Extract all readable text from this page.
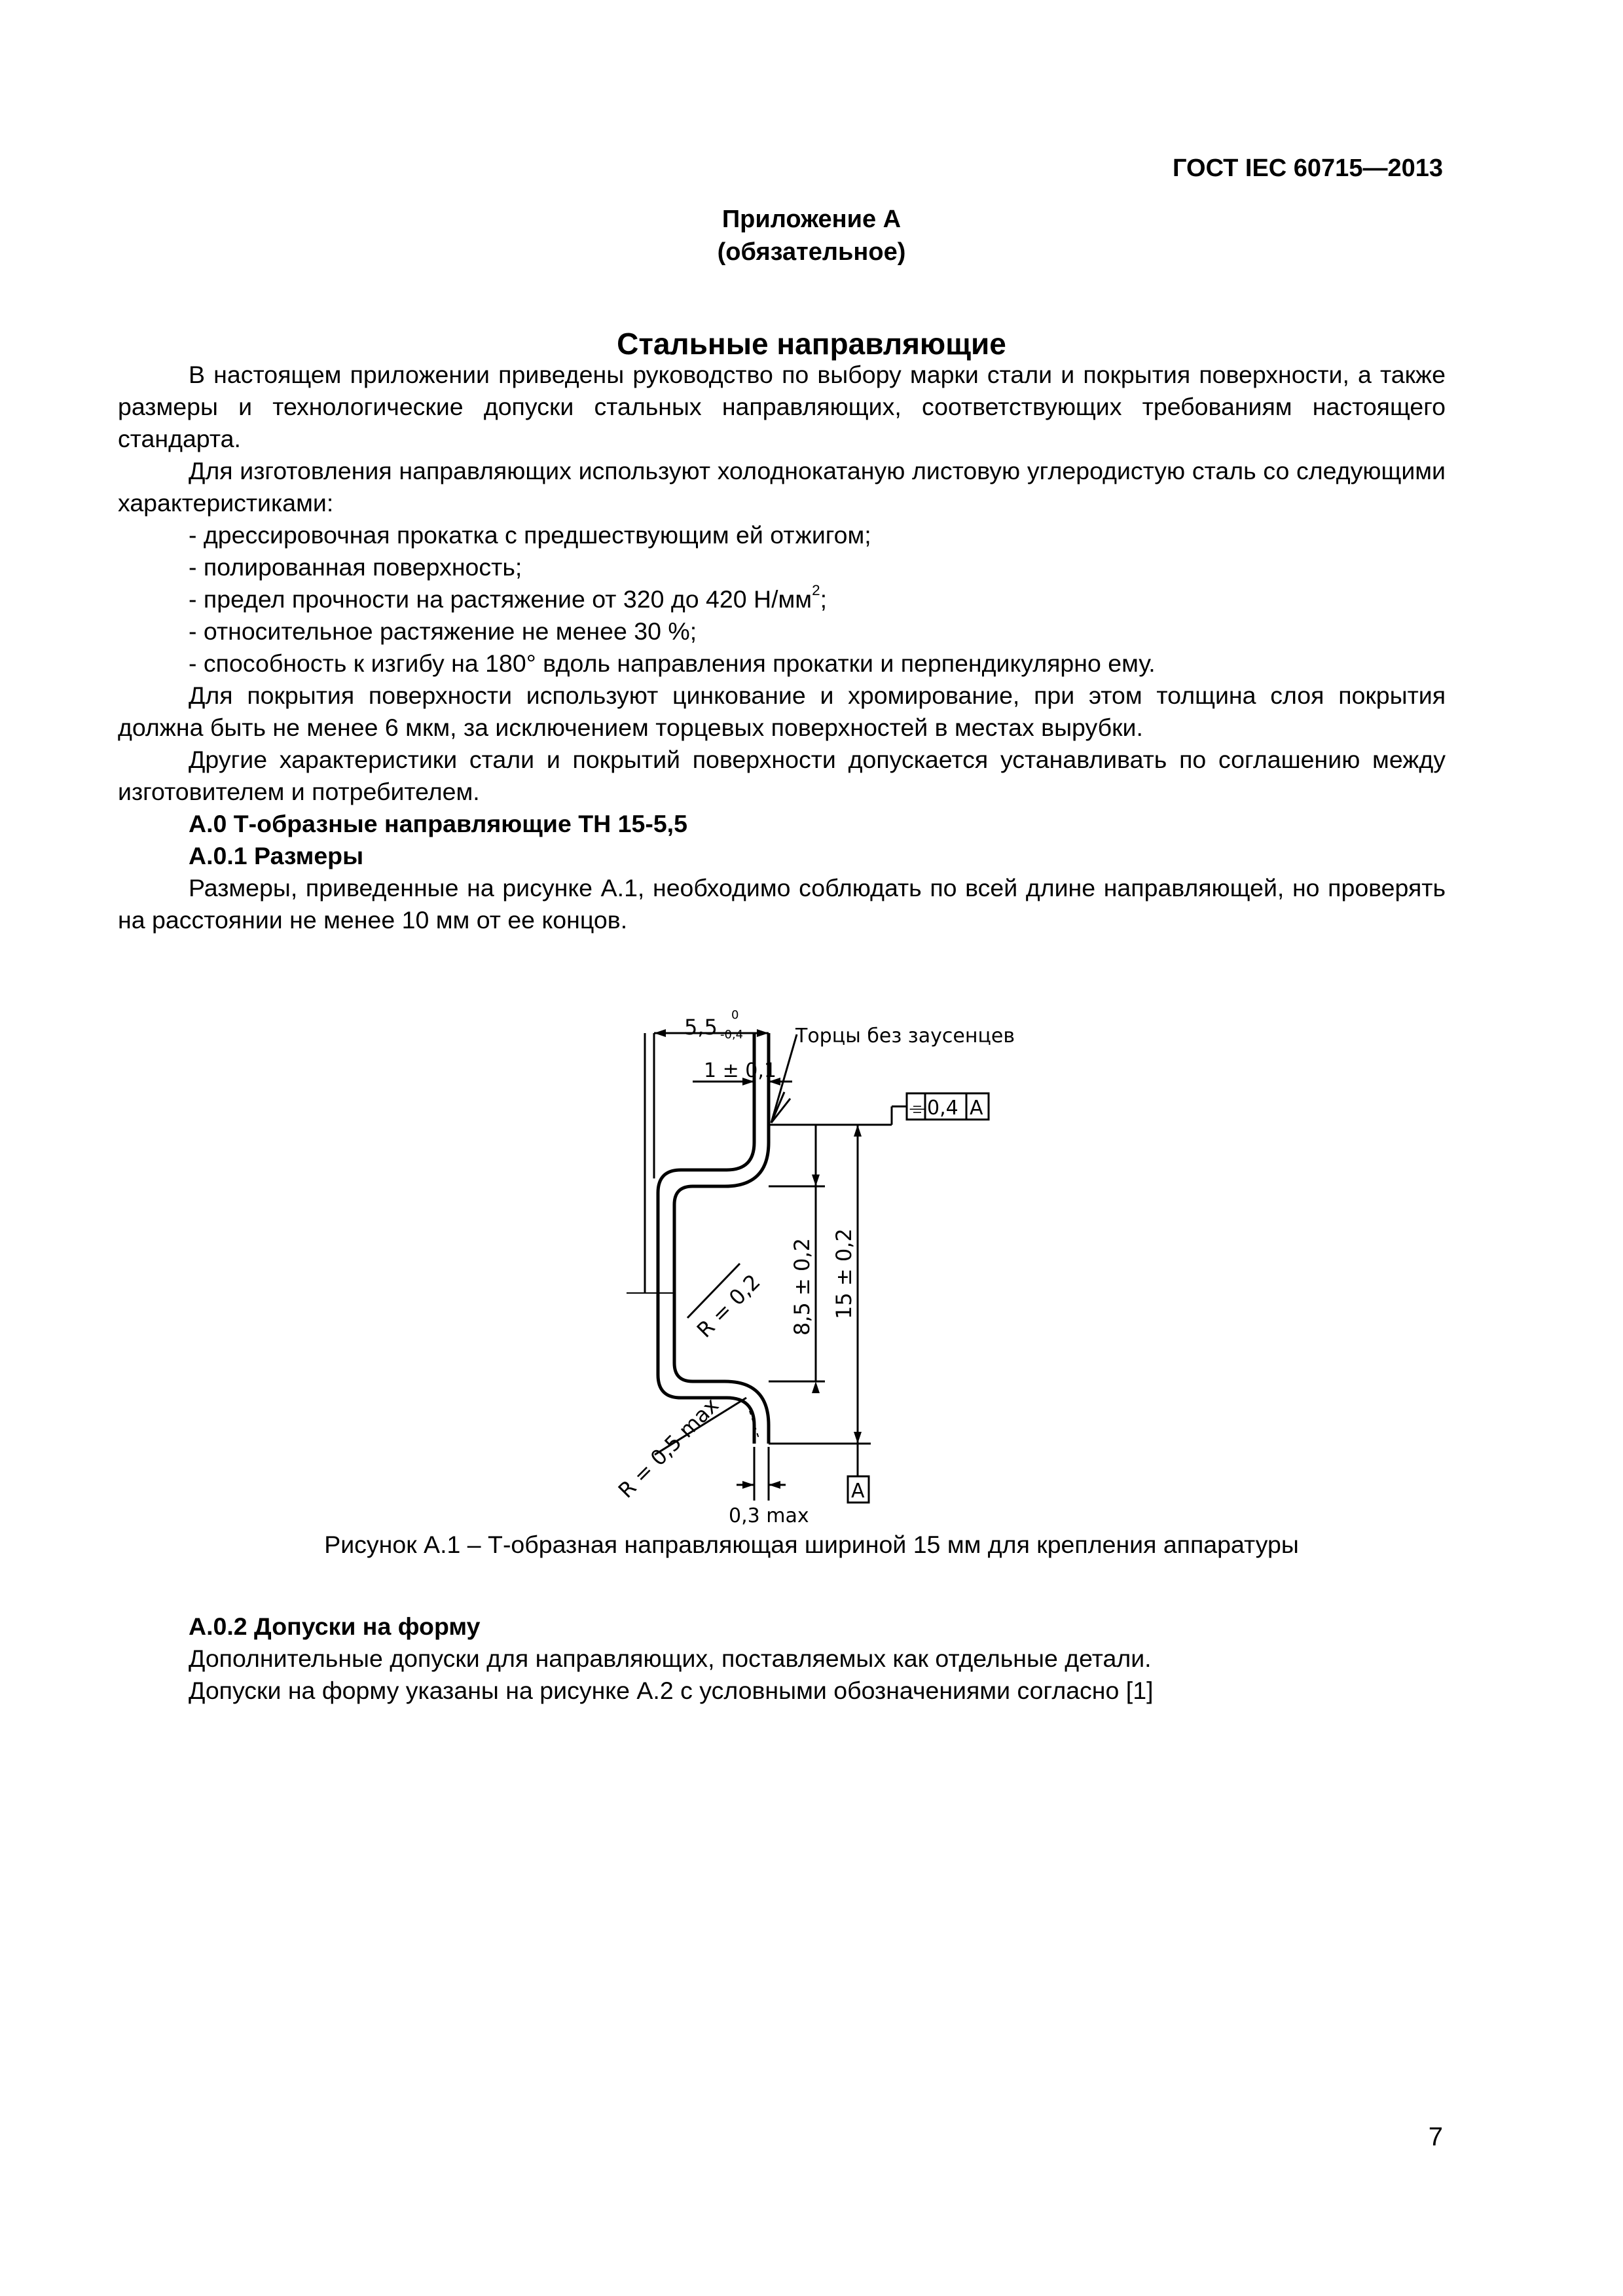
ГОСТ IEC 60715—2013
Приложение А
(обязательное)
Стальные направляющие

В настоящем приложении приведены руководство по выбору марки стали и покрытия поверхности, а также размеры и технологические допуски стальных направляющих, соответствующих требованиям настоящего стандарта.

Для изготовления направляющих используют холоднокатаную листовую углеродистую сталь со следующими характеристиками:

- дрессировочная прокатка с предшествующим ей отжигом;

- полированная поверхность;

- предел прочности на растяжение от 320 до 420 $Н/мм^2$;

- относительное растяжение не менее 30 %;

- способность к изгибу на 180° вдоль направления прокатки и перпендикулярно ему.

Для покрытия поверхности используют цинкование и хромирование, при этом толщина слоя покрытия должна быть не менее 6 мкм, за исключением торцевых поверхностей в местах вырубки.

Другие характеристики стали и покрытий поверхности допускается устанавливать по соглашению между изготовителем и потребителем.

А.0 Т-образные направляющие ТН 15-5,5

А.0.1 Размеры

Размеры, приведенные на рисунке А.1, необходимо соблюдать по всей длине направляющей, но проверять на расстоянии не менее 10 мм от ее концов.

5,5 0
-0,4	Торцы без заусенцев
1 ± 0,1
⌯ 0,4 А
8,5 ± 0,2 15 ± 0,2
R = 0,2
R = 0,5 max	А
0,3 max
Рисунок А.1 – Т-образная направляющая шириной 15 мм для крепления аппаратуры

А.0.2 Допуски на форму

Дополнительные допуски для направляющих, поставляемых как отдельные детали.

Допуски на форму указаны на рисунке А.2 с условными обозначениями согласно [1]

7
